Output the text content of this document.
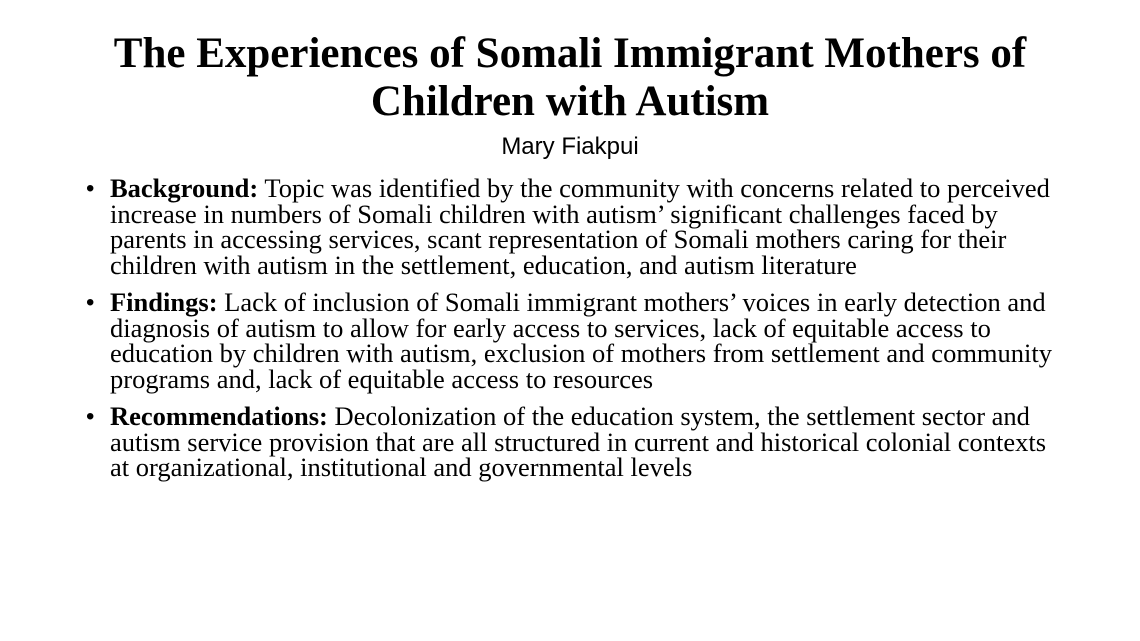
The Experiences of Somali Immigrant Mothers of Children with Autism
Mary Fiakpui
• Background: Topic was identified by the community with concerns related to perceived increase in numbers of Somali children with autism’ significant challenges faced by parents in accessing services, scant representation of Somali mothers caring for their children with autism in the settlement, education, and autism literature
• Findings: Lack of inclusion of Somali immigrant mothers’ voices in early detection and diagnosis of autism to allow for early access to services, lack of equitable access to education by children with autism, exclusion of mothers from settlement and community programs and, lack of equitable access to resources
• Recommendations: Decolonization of the education system, the settlement sector and autism service provision that are all structured in current and historical colonial contexts at organizational, institutional and governmental levels
